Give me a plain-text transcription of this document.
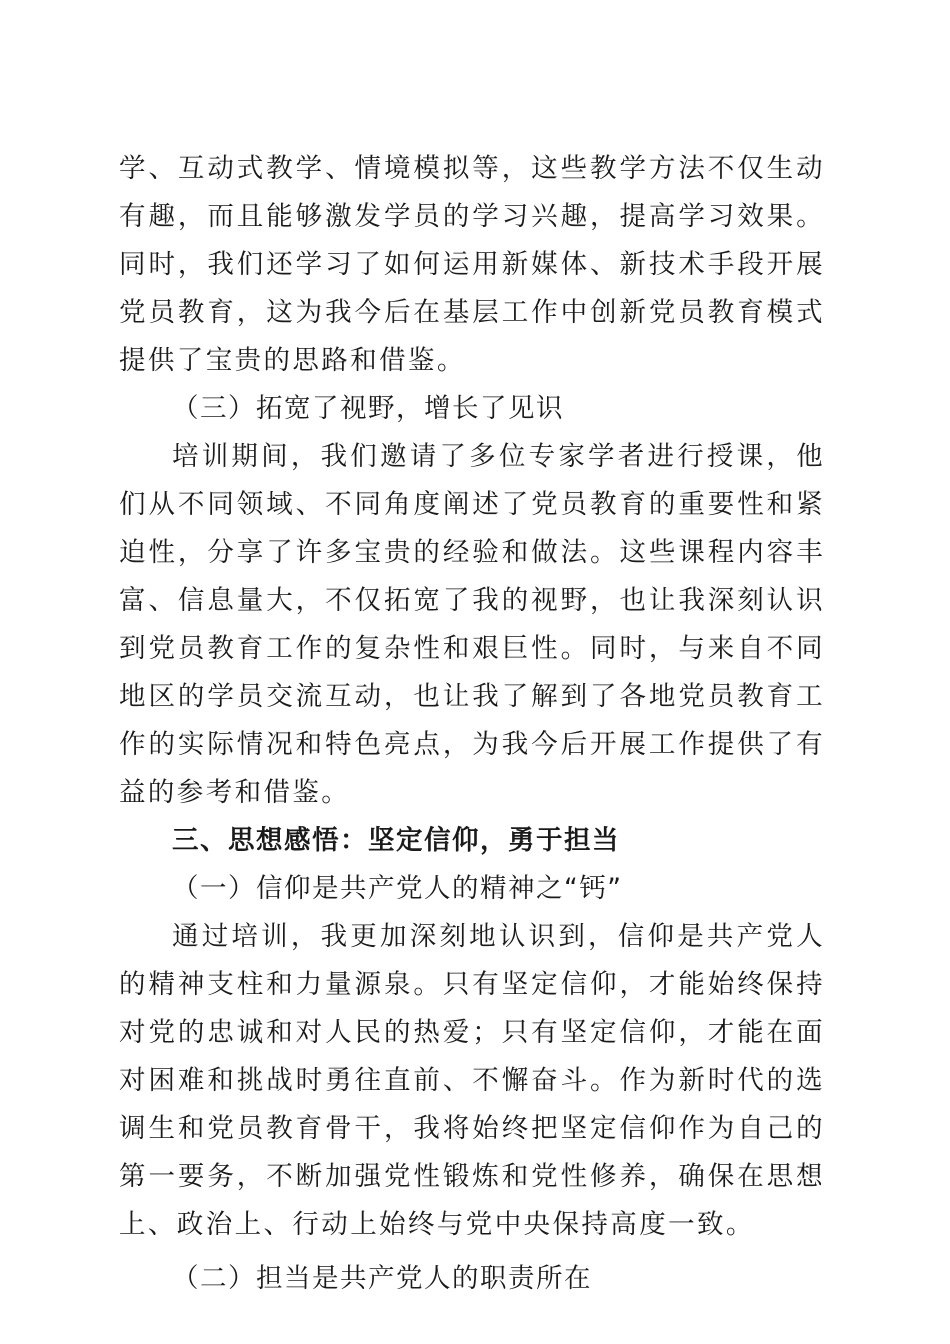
学、互动式教学、情境模拟等，这些教学方法不仅生动有趣，而且能够激发学员的学习兴趣，提高学习效果。同时，我们还学习了如何运用新媒体、新技术手段开展党员教育，这为我今后在基层工作中创新党员教育模式提供了宝贵的思路和借鉴。

（三）拓宽了视野，增长了见识

培训期间，我们邀请了多位专家学者进行授课，他们从不同领域、不同角度阐述了党员教育的重要性和紧迫性，分享了许多宝贵的经验和做法。这些课程内容丰富、信息量大，不仅拓宽了我的视野，也让我深刻认识到党员教育工作的复杂性和艰巨性。同时，与来自不同地区的学员交流互动，也让我了解到了各地党员教育工作的实际情况和特色亮点，为我今后开展工作提供了有益的参考和借鉴。

三、思想感悟：坚定信仰，勇于担当
（一）信仰是共产党人的精神之“钙”

通过培训，我更加深刻地认识到，信仰是共产党人的精神支柱和力量源泉。只有坚定信仰，才能始终保持对党的忠诚和对人民的热爱；只有坚定信仰，才能在面对困难和挑战时勇往直前、不懈奋斗。作为新时代的选调生和党员教育骨干，我将始终把坚定信仰作为自己的第一要务，不断加强党性锻炼和党性修养，确保在思想上、政治上、行动上始终与党中央保持高度一致。

（二）担当是共产党人的职责所在
